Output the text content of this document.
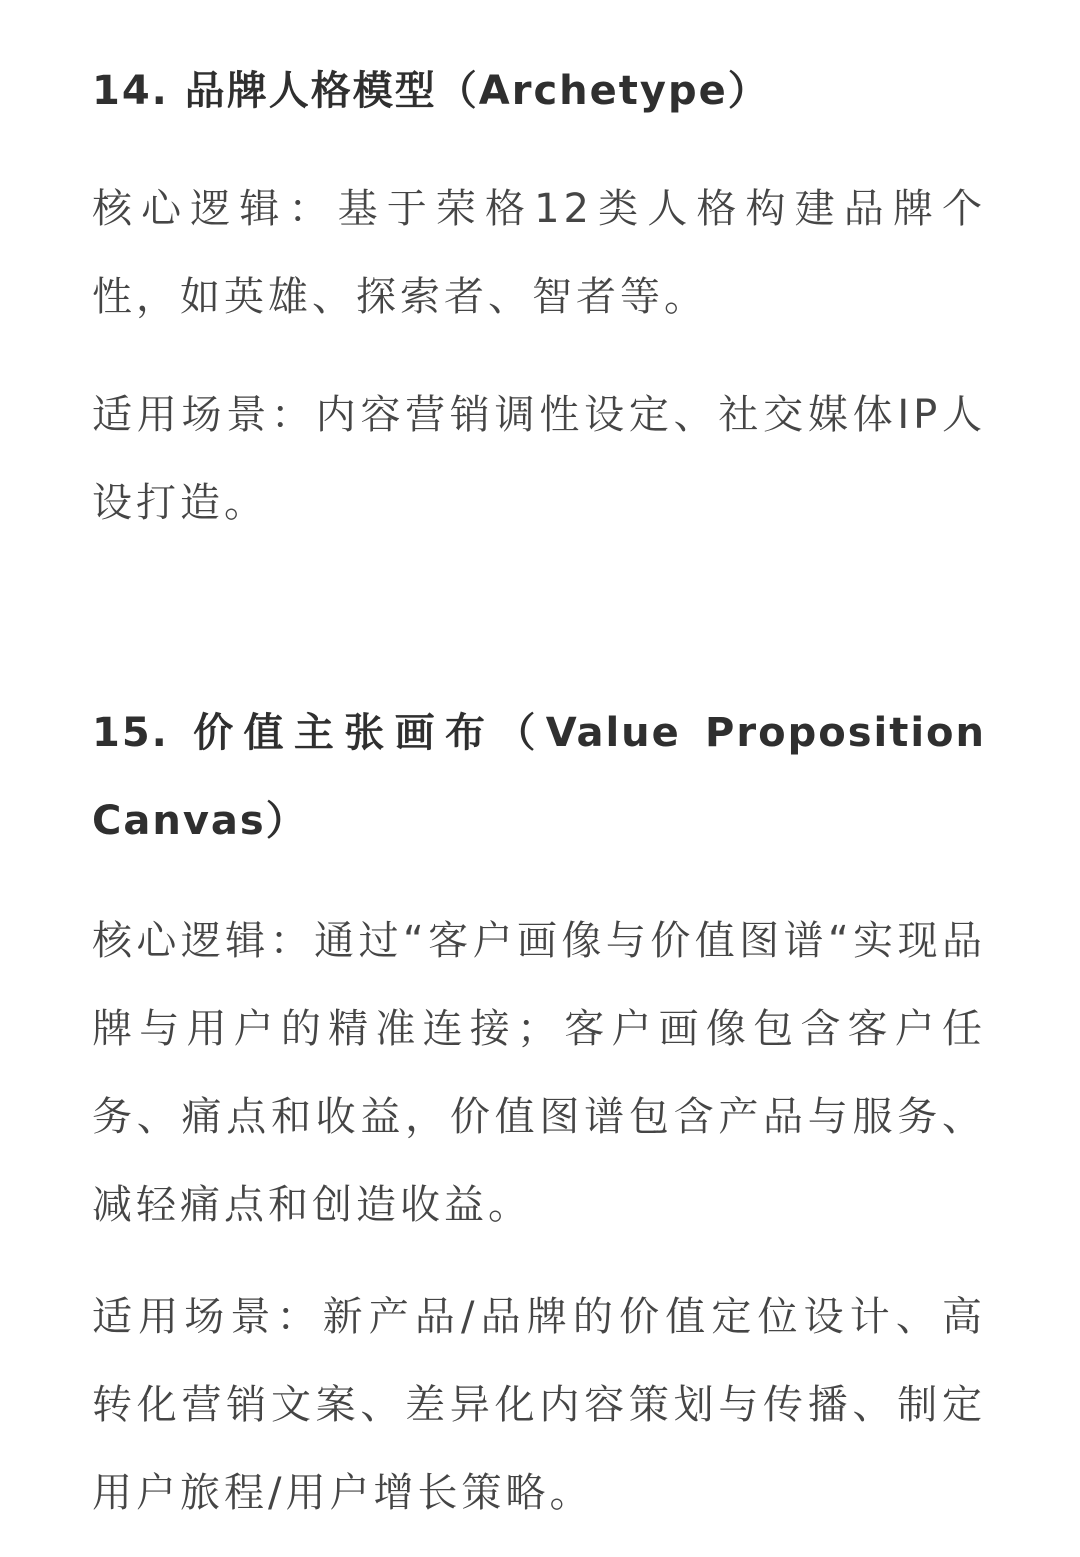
14. 品牌人格模型（Archetype）

核心逻辑：基于荣格12类人格构建品牌个性，如英雄、探索者、智者等。

适用场景：内容营销调性设定、社交媒体IP人设打造。

15. 价值主张画布（Value Proposition Canvas）

核心逻辑：通过“客户画像与价值图谱“实现品牌与用户的精准连接；客户画像包含客户任务、痛点和收益，价值图谱包含产品与服务、减轻痛点和创造收益。

适用场景：新产品/品牌的价值定位设计、高转化营销文案、差异化内容策划与传播、制定用户旅程/用户增长策略。
